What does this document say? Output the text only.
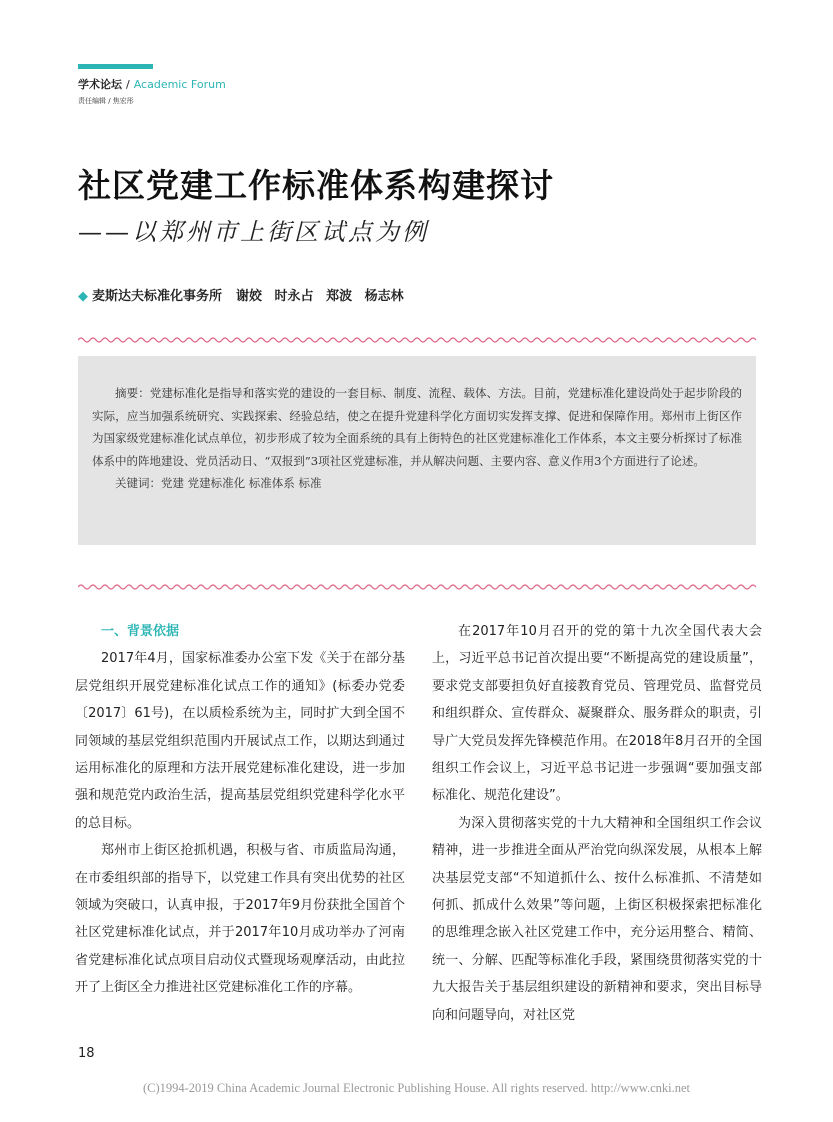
学术论坛 / Academic Forum
责任编辑 / 焦宏彤
社区党建工作标准体系构建探讨
——以郑州市上街区试点为例
◆ 麦斯达夫标准化事务所 谢姣 时永占 郑波 杨志林

摘要：党建标准化是指导和落实党的建设的一套目标、制度、流程、载体、方法。目前，党建标准化建设尚处于起步阶段的实际，应当加强系统研究、实践探索、经验总结，使之在提升党建科学化方面切实发挥支撑、促进和保障作用。郑州市上街区作为国家级党建标准化试点单位，初步形成了较为全面系统的具有上街特色的社区党建标准化工作体系，本文主要分析探讨了标准体系中的阵地建设、党员活动日、“双报到”3项社区党建标准，并从解决问题、主要内容、意义作用3个方面进行了论述。

关键词：党建 党建标准化 标准体系 标准

一、背景依据

2017年4月，国家标准委办公室下发《关于在部分基层党组织开展党建标准化试点工作的通知》(标委办党委〔2017〕61号)，在以质检系统为主，同时扩大到全国不同领域的基层党组织范围内开展试点工作，以期达到通过运用标准化的原理和方法开展党建标准化建设，进一步加强和规范党内政治生活，提高基层党组织党建科学化水平的总目标。

郑州市上街区抢抓机遇，积极与省、市质监局沟通，在市委组织部的指导下，以党建工作具有突出优势的社区领域为突破口，认真申报，于2017年9月份获批全国首个社区党建标准化试点，并于2017年10月成功举办了河南省党建标准化试点项目启动仪式暨现场观摩活动，由此拉开了上街区全力推进社区党建标准化工作的序幕。

在2017年10月召开的党的第十九次全国代表大会上，习近平总书记首次提出要“不断提高党的建设质量”，要求党支部要担负好直接教育党员、管理党员、监督党员和组织群众、宣传群众、凝聚群众、服务群众的职责，引导广大党员发挥先锋模范作用。在2018年8月召开的全国组织工作会议上，习近平总书记进一步强调“要加强支部标准化、规范化建设”。

为深入贯彻落实党的十九大精神和全国组织工作会议精神，进一步推进全面从严治党向纵深发展，从根本上解决基层党支部“不知道抓什么、按什么标准抓、不清楚如何抓、抓成什么效果”等问题，上街区积极探索把标准化的思维理念嵌入社区党建工作中，充分运用整合、精简、统一、分解、匹配等标准化手段，紧围绕贯彻落实党的十九大报告关于基层组织建设的新精神和要求，突出目标导向和问题导向，对社区党

18
(C)1994-2019 China Academic Journal Electronic Publishing House. All rights reserved. http://www.cnki.net
